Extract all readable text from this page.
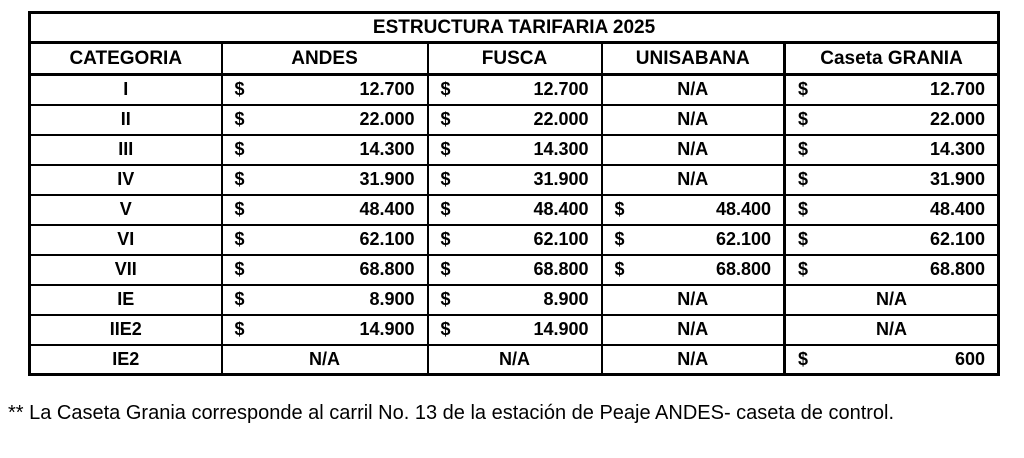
ESTRUCTURA TARIFARIA 2025				
CATEGORIA	ANDES	FUSCA	UNISABANA	Caseta GRANIA
I	$ 12.700	$ 12.700	N/A	$ 12.700

II	$ 22.000	$ 22.000	N/A	$ 22.000

III	$ 14.300	$ 14.300	N/A	$ 14.300

IV	$ 31.900	$ 31.900	N/A	$ 31.900

V	$ 48.400	$ 48.400	$ 48.400	$ 48.400

VI	$ 62.100	$ 62.100	$ 62.100	$ 62.100

VII	$ 68.800	$ 68.800	$ 68.800	$ 68.800

IE	$ 8.900	$ 8.900	N/A	N/A
IIE2	$ 14.900	$ 14.900	N/A	N/A
IE2	N/A	N/A	N/A	$ 600

** La Caseta Grania corresponde al carril No. 13 de la estación de Peaje ANDES- caseta de control.
